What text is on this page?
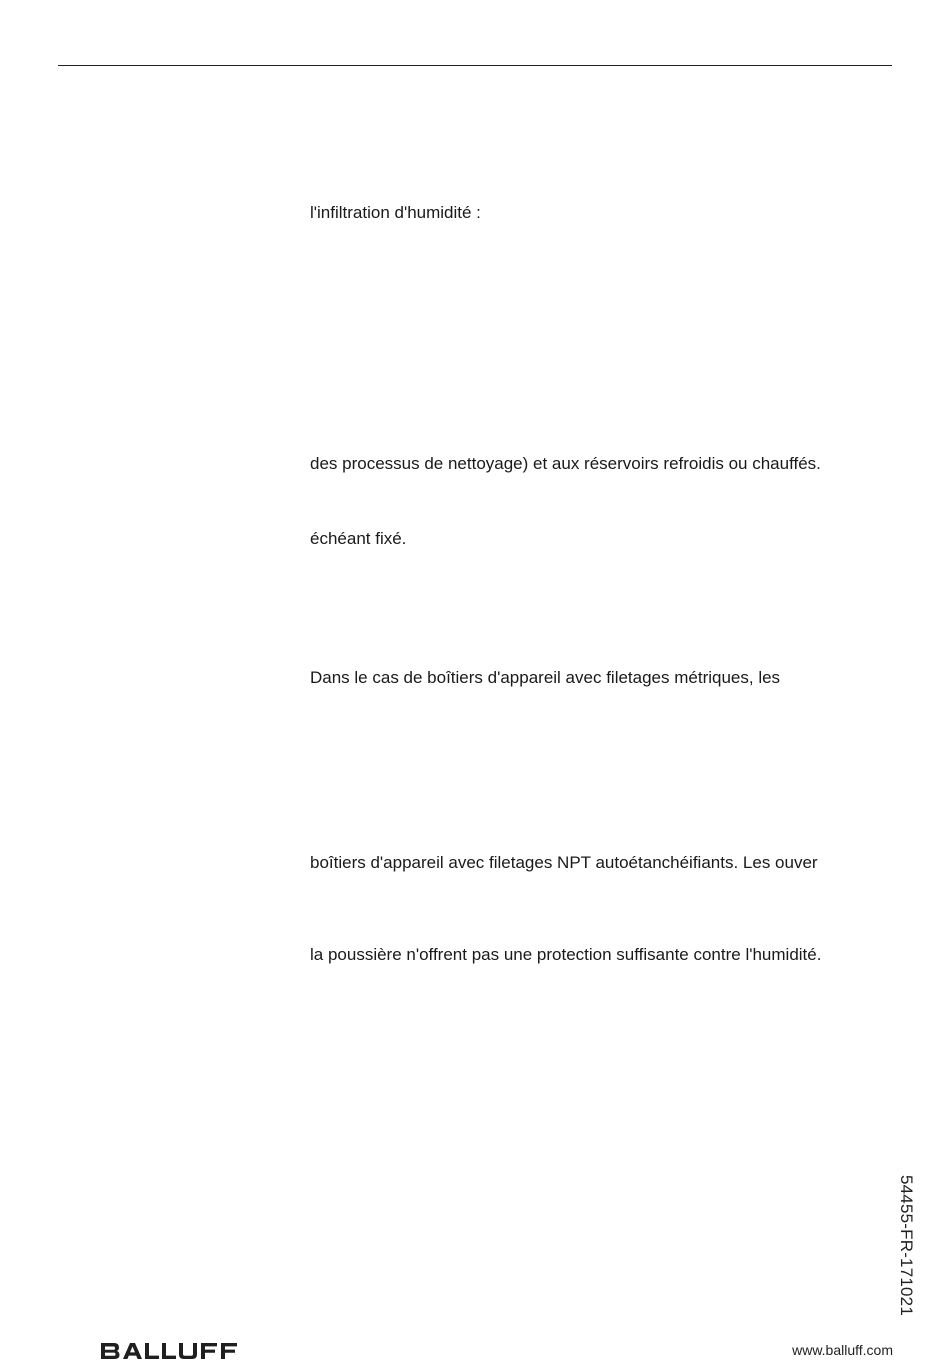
l'infiltration d'humidité :
des processus de nettoyage) et aux réservoirs refroidis ou chauffés.
échéant fixé.
Dans le cas de boîtiers d'appareil avec filetages métriques, les
boîtiers d'appareil avec filetages NPT autoétanchéifiants. Les ouver
la poussière n'offrent pas une protection suffisante contre l'humidité.
54455-FR-171021
www.balluff.com
